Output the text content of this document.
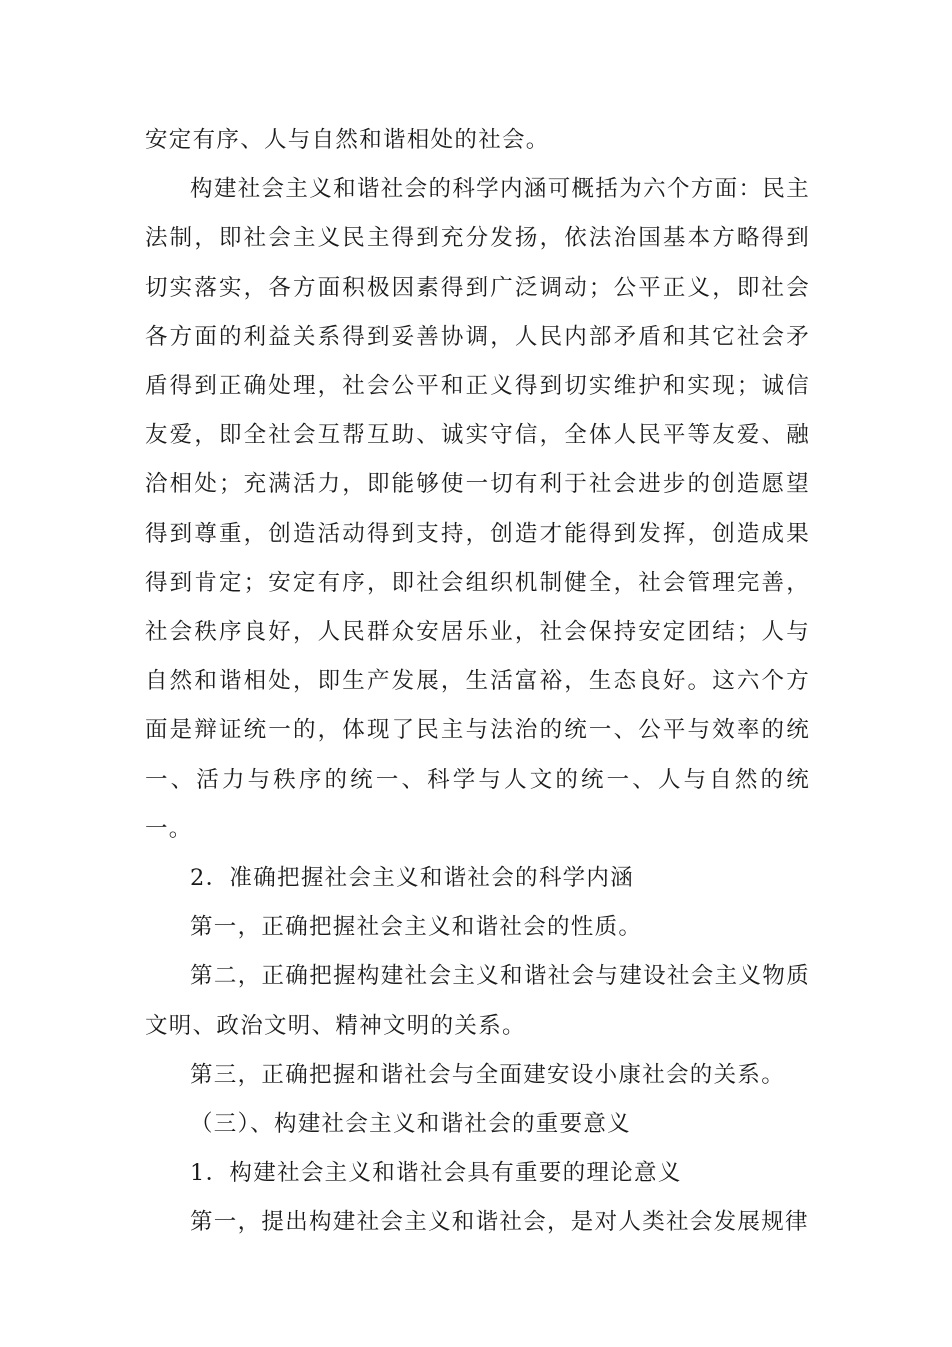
安定有序、人与自然和谐相处的社会。

构建社会主义和谐社会的科学内涵可概括为六个方面：民主法制，即社会主义民主得到充分发扬，依法治国基本方略得到切实落实，各方面积极因素得到广泛调动；公平正义，即社会各方面的利益关系得到妥善协调，人民内部矛盾和其它社会矛盾得到正确处理，社会公平和正义得到切实维护和实现；诚信友爱，即全社会互帮互助、诚实守信，全体人民平等友爱、融洽相处；充满活力，即能够使一切有利于社会进步的创造愿望得到尊重，创造活动得到支持，创造才能得到发挥，创造成果得到肯定；安定有序，即社会组织机制健全，社会管理完善，社会秩序良好，人民群众安居乐业，社会保持安定团结；人与自然和谐相处，即生产发展，生活富裕，生态良好。这六个方面是辩证统一的，体现了民主与法治的统一、公平与效率的统一、活力与秩序的统一、科学与人文的统一、人与自然的统一。

2．准确把握社会主义和谐社会的科学内涵

第一，正确把握社会主义和谐社会的性质。

第二，正确把握构建社会主义和谐社会与建设社会主义物质文明、政治文明、精神文明的关系。

第三，正确把握和谐社会与全面建安设小康社会的关系。

（三）、构建社会主义和谐社会的重要意义

1．构建社会主义和谐社会具有重要的理论意义

第一，提出构建社会主义和谐社会，是对人类社会发展规律
